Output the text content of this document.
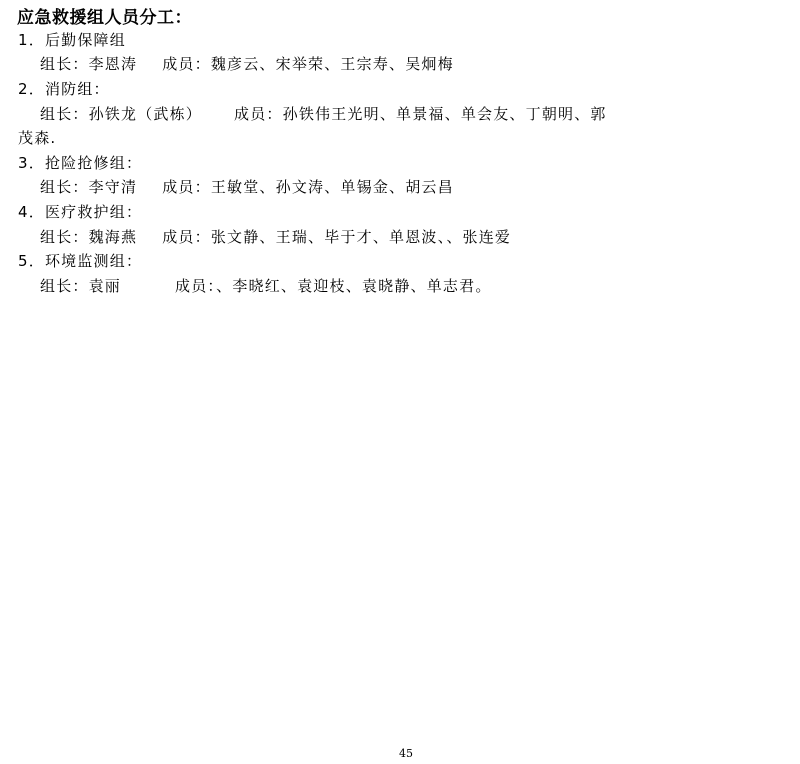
应急救援组人员分工：
1．后勤保障组
组长：李恩涛 成员：魏彦云、宋举荣、王宗寿、吴炯梅
2．消防组：
组长：孙铁龙（武栋） 成员：孙铁伟王光明、单景福、单会友、丁朝明、郭
茂森.
3．抢险抢修组：
组长：李守清 成员：王敏堂、孙文涛、单锡金、胡云昌
4．医疗救护组：
组长：魏海燕 成员：张文静、王瑞、毕于才、单恩波、、张连爱
5．环境监测组：
组长：袁丽	成员：、李晓红、袁迎枝、袁晓静、单志君。
45
